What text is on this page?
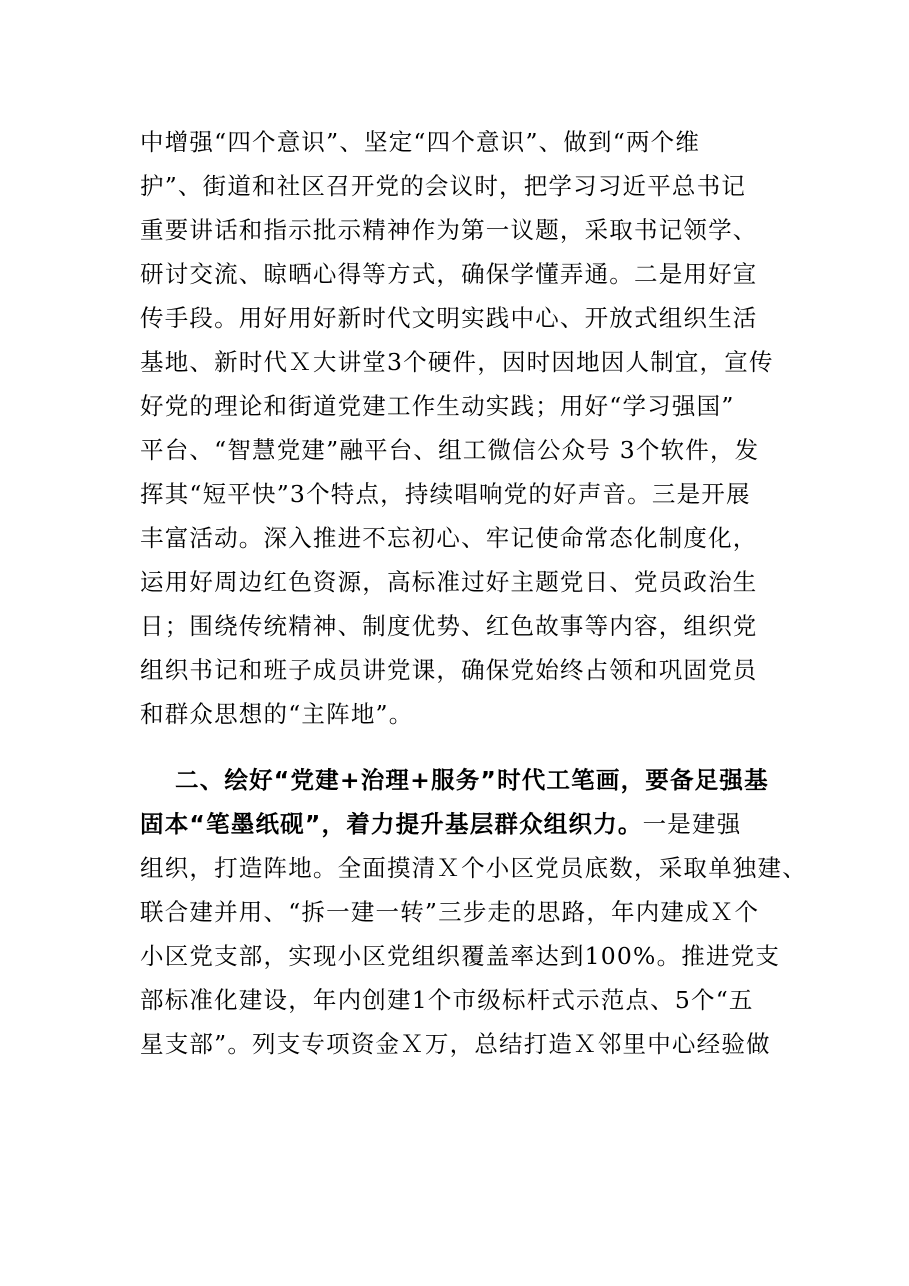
中增强“四个意识”、坚定“四个意识”、做到“两个维
护”、街道和社区召开党的会议时，把学习习近平总书记
重要讲话和指示批示精神作为第一议题，采取书记领学、
研讨交流、晾晒心得等方式，确保学懂弄通。二是用好宣
传手段。用好用好新时代文明实践中心、开放式组织生活
基地、新时代Ｘ大讲堂3个硬件，因时因地因人制宜，宣传
好党的理论和街道党建工作生动实践；用好“学习强国”
平台、“智慧党建”融平台、组工微信公众号 3个软件，发
挥其“短平快”3个特点，持续唱响党的好声音。三是开展
丰富活动。深入推进不忘初心、牢记使命常态化制度化，
运用好周边红色资源，高标准过好主题党日、党员政治生
日；围绕传统精神、制度优势、红色故事等内容，组织党
组织书记和班子成员讲党课，确保党始终占领和巩固党员
和群众思想的“主阵地”。
二、绘好“党建+治理+服务”时代工笔画，要备足强基
固本“笔墨纸砚”，着力提升基层群众组织力。一是建强
组织，打造阵地。全面摸清Ｘ个小区党员底数，采取单独建、
联合建并用、“拆一建一转”三步走的思路，年内建成Ｘ个
小区党支部，实现小区党组织覆盖率达到100%。推进党支
部标准化建设，年内创建1个市级标杆式示范点、5个“五
星支部”。列支专项资金Ｘ万，总结打造Ｘ邻里中心经验做
